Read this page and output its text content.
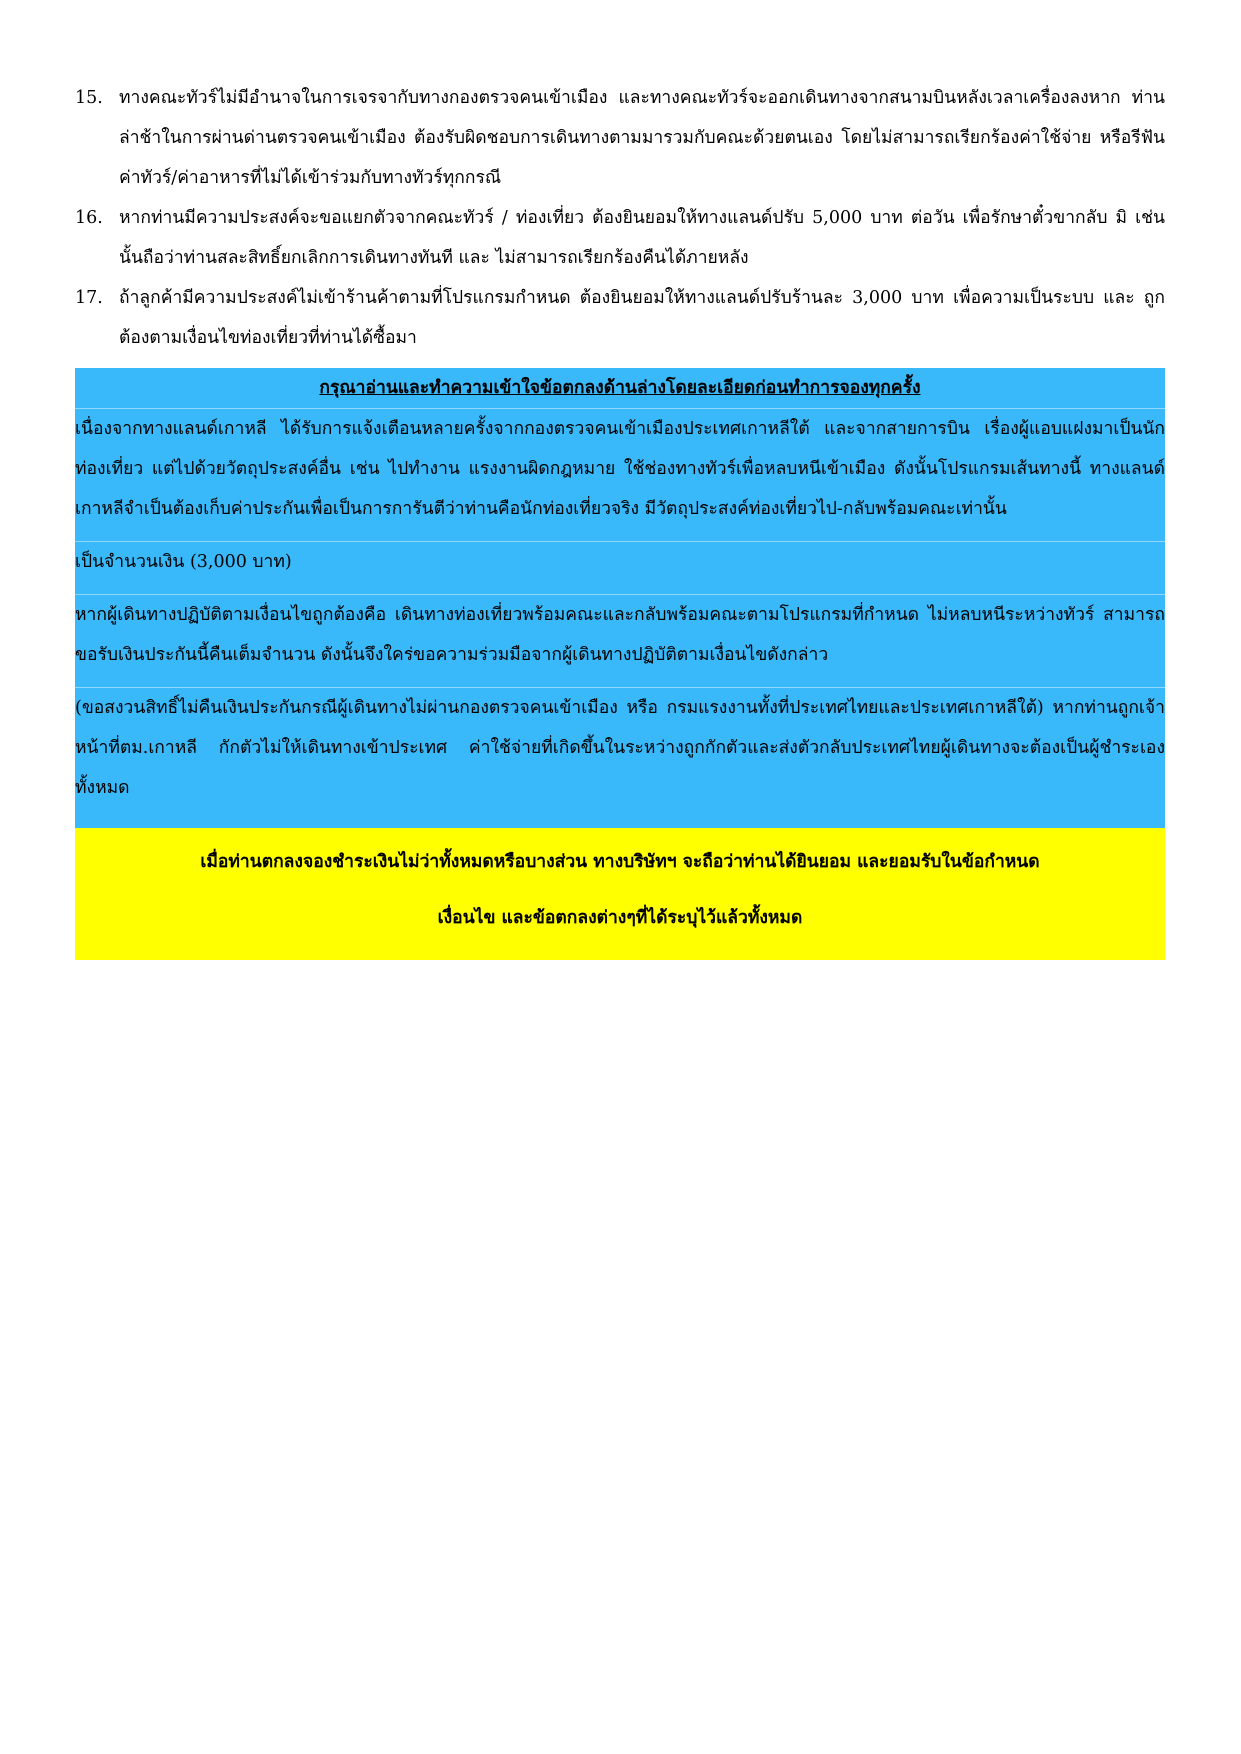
15. ทางคณะทัวร์ไม่มีอำนาจในการเจรจากับทางกองตรวจคนเข้าเมือง และทางคณะทัวร์จะออกเดินทางจากสนามบินหลังเวลาเครื่องลงหาก ท่านล่าช้าในการผ่านด่านตรวจคนเข้าเมือง ต้องรับผิดชอบการเดินทางตามมารวมกับคณะด้วยตนเอง โดยไม่สามารถเรียกร้องค่าใช้จ่าย หรือรีฟันค่าทัวร์/ค่าอาหารที่ไม่ได้เข้าร่วมกับทางทัวร์ทุกกรณี
16. หากท่านมีความประสงค์จะขอแยกตัวจากคณะทัวร์ / ท่องเที่ยว ต้องยินยอมให้ทางแลนด์ปรับ 5,000 บาท ต่อวัน เพื่อรักษาตั๋วขากลับ มิ เช่นนั้นถือว่าท่านสละสิทธิ์ยกเลิกการเดินทางทันที และ ไม่สามารถเรียกร้องคืนได้ภายหลัง
17. ถ้าลูกค้ามีความประสงค์ไม่เข้าร้านค้าตามที่โปรแกรมกำหนด ต้องยินยอมให้ทางแลนด์ปรับร้านละ 3,000 บาท เพื่อความเป็นระบบ และ ถูกต้องตามเงื่อนไขท่องเที่ยวที่ท่านได้ซื้อมา
กรุณาอ่านและทำความเข้าใจข้อตกลงด้านล่างโดยละเอียดก่อนทำการจองทุกครั้ง
เนื่องจากทางแลนด์เกาหลี ได้รับการแจ้งเตือนหลายครั้งจากกองตรวจคนเข้าเมืองประเทศเกาหลีใต้ และจากสายการบิน เรื่องผู้แอบแฝงมาเป็นนักท่องเที่ยว แต่ไปด้วยวัตถุประสงค์อื่น เช่น ไปทำงาน แรงงานผิดกฎหมาย ใช้ช่องทางทัวร์เพื่อหลบหนีเข้าเมือง ดังนั้นโปรแกรมเส้นทางนี้ ทางแลนด์เกาหลีจำเป็นต้องเก็บค่าประกันเพื่อเป็นการการันตีว่าท่านคือนักท่องเที่ยวจริง มีวัตถุประสงค์ท่องเที่ยวไป-กลับพร้อมคณะเท่านั้น
เป็นจำนวนเงิน (3,000 บาท)
หากผู้เดินทางปฏิบัติตามเงื่อนไขถูกต้องคือ เดินทางท่องเที่ยวพร้อมคณะและกลับพร้อมคณะตามโปรแกรมที่กำหนด ไม่หลบหนีระหว่างทัวร์ สามารถขอรับเงินประกันนี้คืนเต็มจำนวน ดังนั้นจึงใคร่ขอความร่วมมือจากผู้เดินทางปฏิบัติตามเงื่อนไขดังกล่าว
(ขอสงวนสิทธิ์ไม่คืนเงินประกันกรณีผู้เดินทางไม่ผ่านกองตรวจคนเข้าเมือง หรือ กรมแรงงานทั้งที่ประเทศไทยและประเทศเกาหลีใต้) หากท่านถูกเจ้าหน้าที่ตม.เกาหลี กักตัวไม่ให้เดินทางเข้าประเทศ ค่าใช้จ่ายที่เกิดขึ้นในระหว่างถูกกักตัวและส่งตัวกลับประเทศไทยผู้เดินทางจะต้องเป็นผู้ชำระเองทั้งหมด
เมื่อท่านตกลงจองชำระเงินไม่ว่าทั้งหมดหรือบางส่วน ทางบริษัทฯ จะถือว่าท่านได้ยินยอม และยอมรับในข้อกำหนด
เงื่อนไข และข้อตกลงต่างๆที่ได้ระบุไว้แล้วทั้งหมด
